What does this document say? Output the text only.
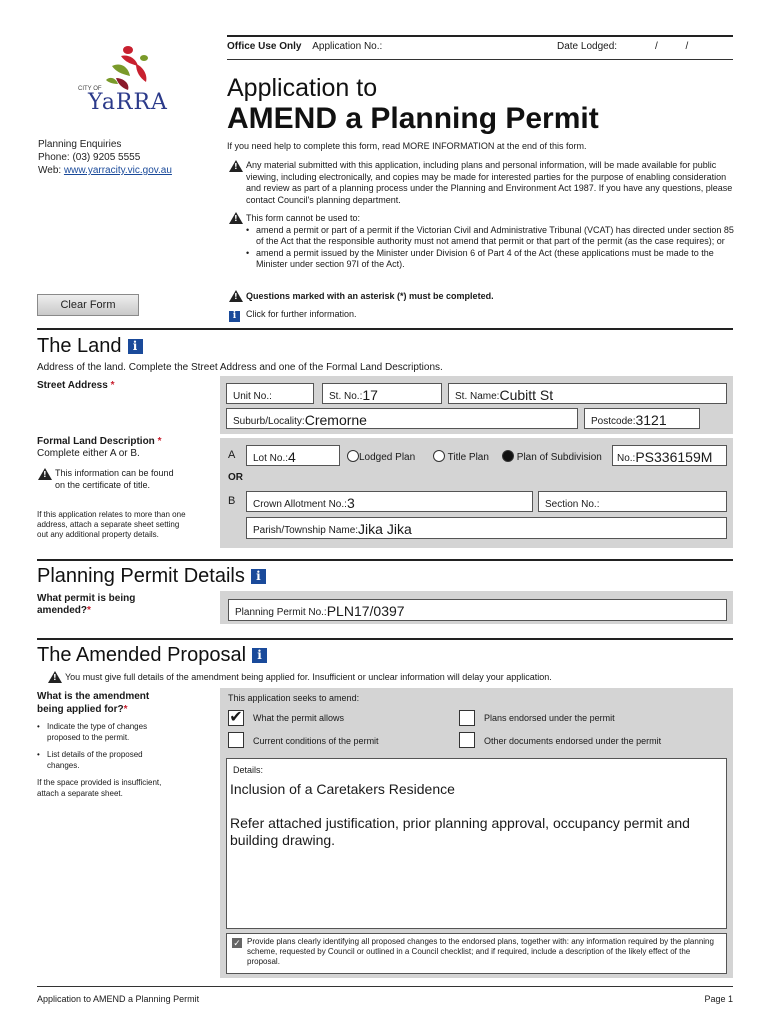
Office Use Only Application No.:	Date Lodged:	/          /
CITY OF
YaRRA
Planning Enquiries
Phone: (03) 9205 5555
Web: www.yarracity.vic.gov.au
Application to
AMEND a Planning Permit
If you need help to complete this form, read MORE INFORMATION at the end of this form.
!
Any material submitted with this application, including plans and personal information, will be made available for public viewing, including electronically, and copies may be made for interested parties for the purpose of enabling consideration and review as part of a planning process under the Planning and Environment Act 1987. If you have any questions, please contact Council's planning department.
!
This form cannot be used to:
• amend a permit or part of a permit if the Victorian Civil and Administrative Tribunal (VCAT) has directed under section 85 of the Act that the responsible authority must not amend that permit or that part of the permit (as the case requires); or
• amend a permit issued by the Minister under Division 6 of Part 4 of the Act (these applications must be made to the Minister under section 97I of the Act).
!
Questions marked with an asterisk (*) must be completed.
i	Click for further information.
Clear Form
The Land i
Address of the land. Complete the Street Address and one of the Formal Land Descriptions.
Street Address *
Unit No.:	St. No.:17	St. Name:Cubitt St
Suburb/Locality:Cremorne	Postcode:3121
Formal Land Description *
Complete either A or B.
!
This information can be found on the certificate of title.
If this application relates to more than one address, attach a separate sheet setting out any additional property details.
A	Lot No.:4	Lodged Plan	Title Plan	Plan of Subdivision	No.:PS336159M
OR
B	Crown Allotment No.:3	Section No.:
Parish/Township Name:Jika Jika
Planning Permit Details i
What permit is being amended?*	Planning Permit No.:PLN17/0397
The Amended Proposal i
!
You must give full details of the amendment being applied for. Insufficient or unclear information will delay your application.
What is the amendment being applied for?*
• Indicate the type of changes proposed to the permit.
• List details of the proposed changes.
If the space provided is insufficient, attach a separate sheet.
This application seeks to amend:
✔ What the permit allows	Plans endorsed under the permit
Current conditions of the permit	Other documents endorsed under the permit
Details:
Inclusion of a Caretakers Residence
Refer attached justification, prior planning approval, occupancy permit and building drawing.
✓ Provide plans clearly identifying all proposed changes to the endorsed plans, together with: any information required by the planning scheme, requested by Council or outlined in a Council checklist; and if required, include a description of the likely effect of the proposal.
Application to AMEND a Planning Permit	Page 1
